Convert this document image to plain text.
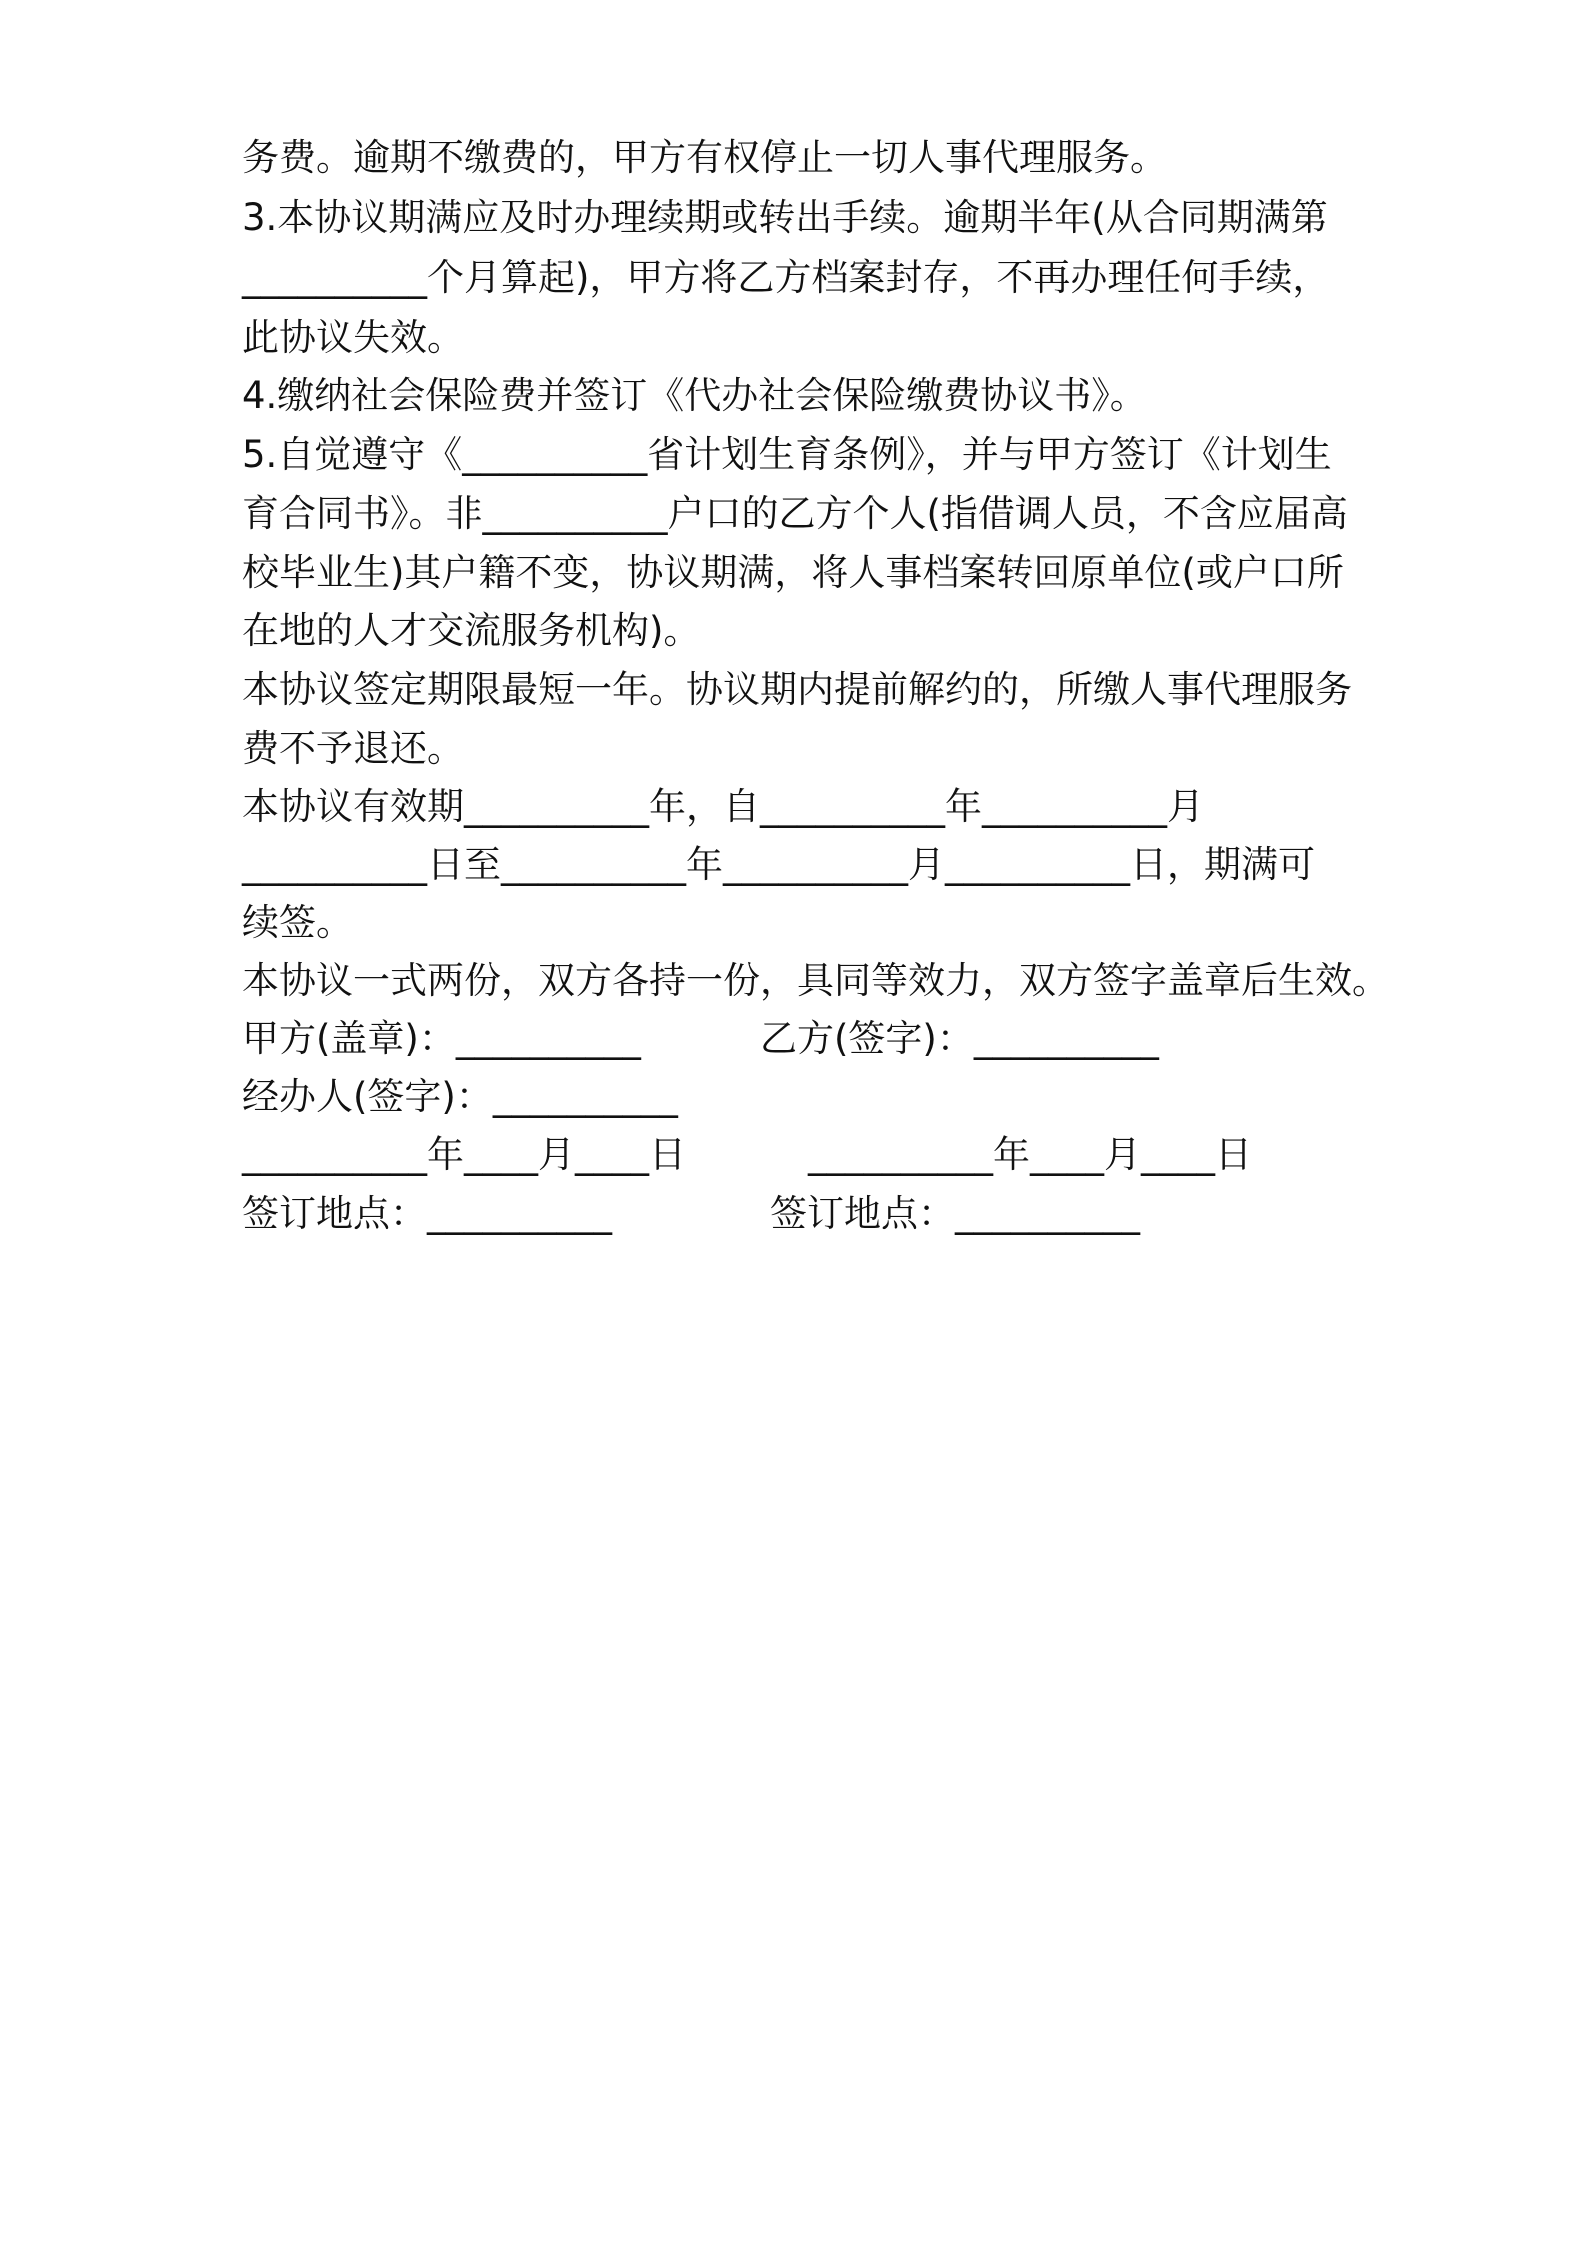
务费。逾期不缴费的，甲方有权停止一切人事代理服务。
3.本协议期满应及时办理续期或转出手续。逾期半年(从合同期满第
__________个月算起)，甲方将乙方档案封存，不再办理任何手续，
此协议失效。
4.缴纳社会保险费并签订《代办社会保险缴费协议书》。
5.自觉遵守《__________省计划生育条例》，并与甲方签订《计划生
育合同书》。非__________户口的乙方个人(指借调人员，不含应届高
校毕业生)其户籍不变，协议期满，将人事档案转回原单位(或户口所
在地的人才交流服务机构)。
本协议签定期限最短一年。协议期内提前解约的，所缴人事代理服务
费不予退还。
本协议有效期__________年，自__________年__________月
__________日至__________年__________月__________日，期满可
续签。
本协议一式两份，双方各持一份，具同等效力，双方签字盖章后生效。
甲方(盖章)：__________	乙方(签字)：__________
经办人(签字)：__________
__________年____月____日	__________年____月____日
签订地点：__________	签订地点：__________
